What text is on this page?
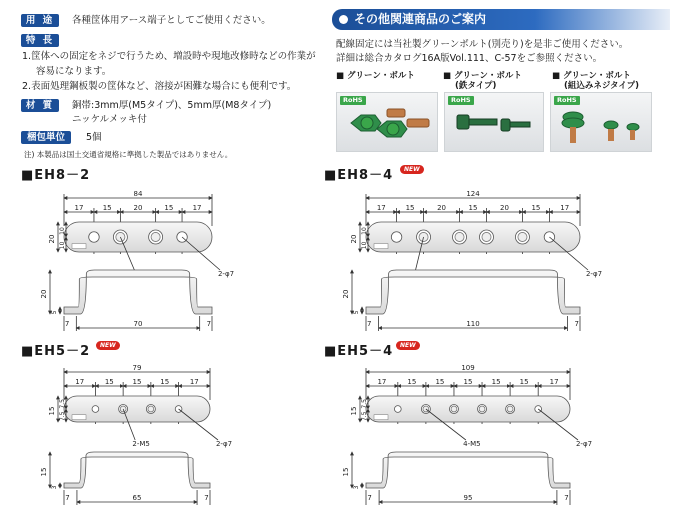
用 途	各種筐体用アース端子としてご使用ください。
特 長
1.筐体への固定をネジで行うため、増設時や現地改修時などの作業が
容易になります。
2.表面処理鋼板製の筐体など、溶接が困難な場合にも便利です。
材 質	銅帯:3mm厚(M5タイプ)、5mm厚(M8タイプ)
ニッケルメッキ付
梱包単位	5個
注) 本製品は国土交通省規格に準拠した製品ではありません。
その他関連商品のご案内
配線固定には当社製グリーンボルト(別売り)を是非ご使用ください。
詳細は総合カタログ16A版Vol.111、C-57をご参照ください。
■ グリーン・ボルト	■ グリーン・ボルト
(鉄タイプ)
■ グリーン・ボルト
(組込みネジタイプ)
RoHS	RoHS	RoHS
■EH8－2	■EH8－4	NEW
■EH5－2	NEW	■EH5－4	NEW
84
17	15	20	15	17
20
10
10
2-φ7
20
5
70
7	7
124
17	15	20	15	20	15	17
20
10
10
2-φ7
20
5
110
7	7
79
17	15	15	15	17
15
7.5
7.5
2-M5	2-φ7
15
3
65
7	7
109
17	15	15	15	15	15	17
15
7.5
7.5
4-M5	2-φ7
15
3
95
7	7
